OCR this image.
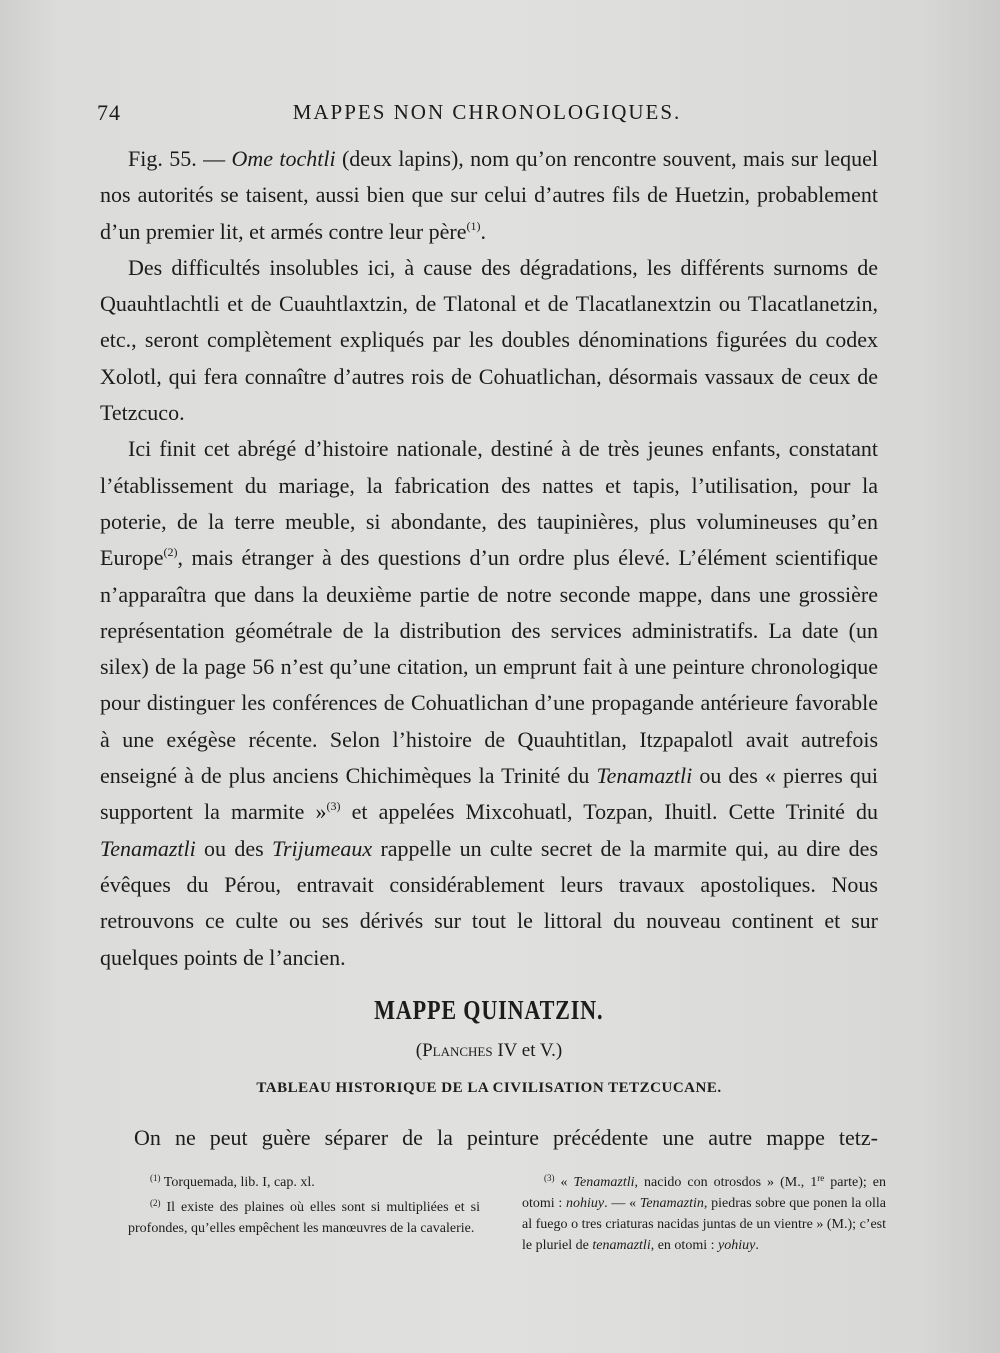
74	MAPPES NON CHRONOLOGIQUES.

Fig. 55. — Ome tochtli (deux lapins), nom qu’on rencontre souvent, mais sur lequel nos autorités se taisent, aussi bien que sur celui d’autres fils de Huetzin, probablement d’un premier lit, et armés contre leur père$^{(1)}$.

Des difficultés insolubles ici, à cause des dégradations, les différents surnoms de Quauhtlachtli et de Cuauhtlaxtzin, de Tlatonal et de Tlacatlanextzin ou Tlacatlanetzin, etc., seront complètement expliqués par les doubles dénominations figurées du codex Xolotl, qui fera connaître d’autres rois de Cohuatlichan, désormais vassaux de ceux de Tetzcuco.

Ici finit cet abrégé d’histoire nationale, destiné à de très jeunes enfants, constatant l’établissement du mariage, la fabrication des nattes et tapis, l’utilisation, pour la poterie, de la terre meuble, si abondante, des taupinières, plus volumineuses qu’en Europe$^{(2)}$, mais étranger à des questions d’un ordre plus élevé. L’élément scientifique n’apparaîtra que dans la deuxième partie de notre seconde mappe, dans une grossière représentation géométrale de la distribution des services administratifs. La date (un silex) de la page 56 n’est qu’une citation, un emprunt fait à une peinture chronologique pour distinguer les conférences de Cohuatlichan d’une propagande antérieure favorable à une exégèse récente. Selon l’histoire de Quauhtitlan, Itzpapalotl avait autrefois enseigné à de plus anciens Chichimèques la Trinité du Tenamaztli ou des « pierres qui supportent la marmite »$^{(3)}$ et appelées Mixcohuatl, Tozpan, Ihuitl. Cette Trinité du Tenamaztli ou des Trijumeaux rappelle un culte secret de la marmite qui, au dire des évêques du Pérou, entravait considérablement leurs travaux apostoliques. Nous retrouvons ce culte ou ses dérivés sur tout le littoral du nouveau continent et sur quelques points de l’ancien.

MAPPE QUINATZIN.
(Planches IV et V.)
TABLEAU HISTORIQUE DE LA CIVILISATION TETZCUCANE.
On ne peut guère séparer de la peinture précédente une autre mappe tetz-

$^{(1)}$ Torquemada, lib. I, cap. xl.

$^{(2)}$ Il existe des plaines où elles sont si multipliées et si profondes, qu’elles empêchent les manœuvres de la cavalerie.

$^{(3)}$ « Tenamaztli, nacido con otrosdos » (M., 1re parte); en otomi : nohiuy. — « Tenamaztin, piedras sobre que ponen la olla al fuego o tres criaturas nacidas juntas de un vientre » (M.); c’est le pluriel de tenamaztli, en otomi : yohiuy.
